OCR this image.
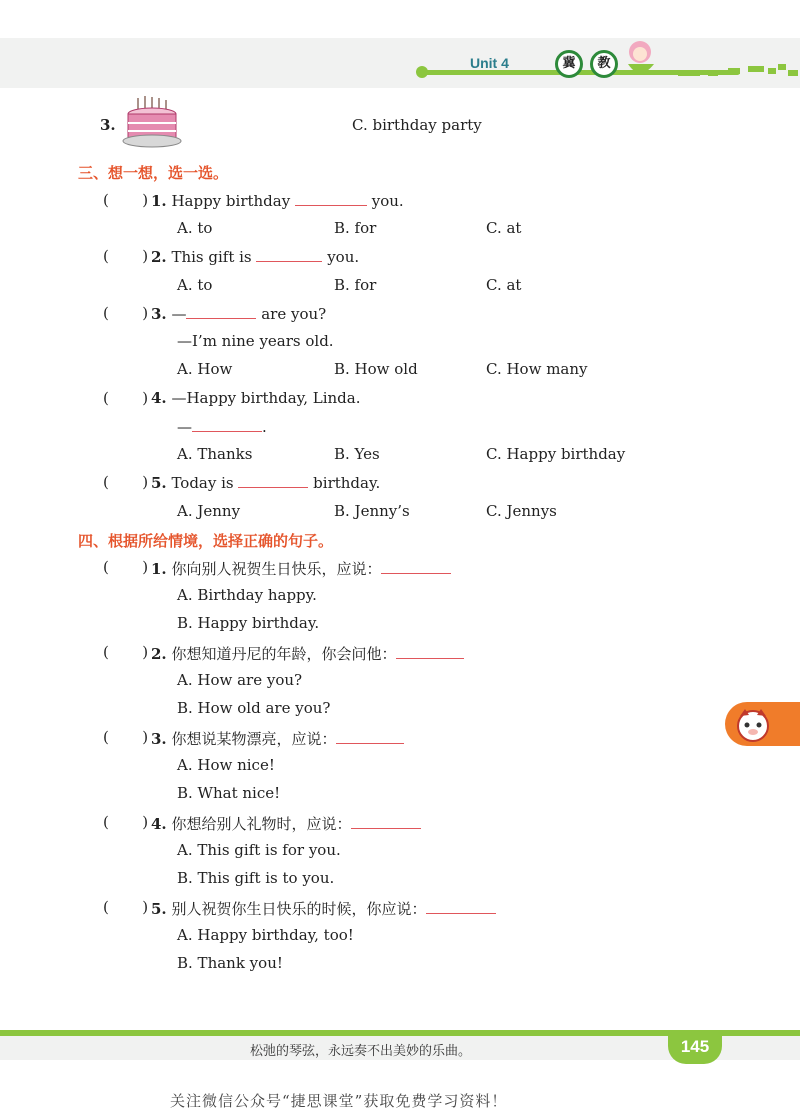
Unit 4	冀	教
3.	C. birthday party
三、想一想，选一选。
(       ) 1. Happy birthday	you.
A. to	B. for	C. at
(       ) 2. This gift is	you.
A. to	B. for	C. at
(       ) 3. —	are you?
—I’m nine years old.
A. How	B. How old	C. How many
(       ) 4. —Happy birthday, Linda.
—	.
A. Thanks	B. Yes	C. Happy birthday
(       ) 5. Today is	birthday.
A. Jenny	B. Jenny’s	C. Jennys
四、根据所给情境，选择正确的句子。
(       ) 1. 你向别人祝贺生日快乐，应说：
A. Birthday happy.
B. Happy birthday.
(       ) 2. 你想知道丹尼的年龄，你会问他：
A. How are you?
B. How old are you?
(       ) 3. 你想说某物漂亮，应说：
A. How nice!
B. What nice!
(       ) 4. 你想给别人礼物时，应说：
A. This gift is for you.
B. This gift is to you.
(       ) 5. 别人祝贺你生日快乐的时候，你应说：
A. Happy birthday, too!
B. Thank you!
松弛的琴弦，永远奏不出美妙的乐曲。	145
关注微信公众号“捷思课堂”获取免费学习资料！
